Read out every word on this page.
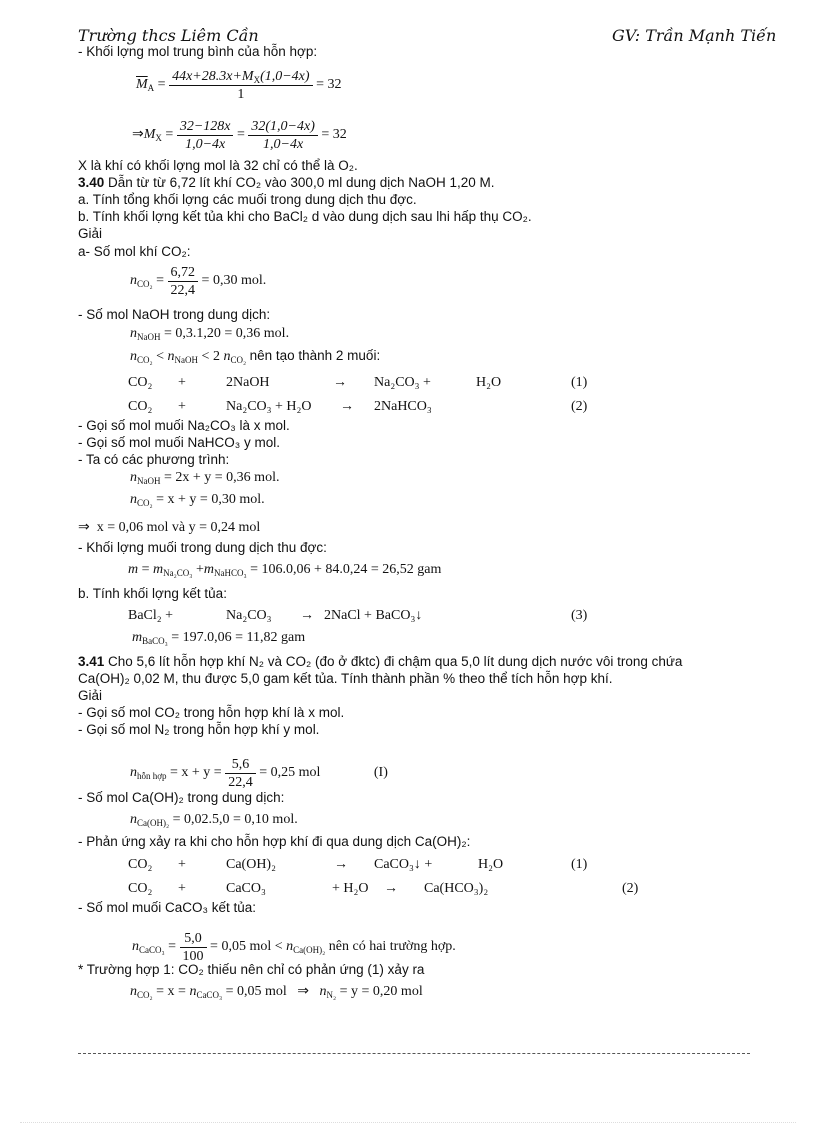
Trường thcs Liêm Cần	GV: Trần Mạnh Tiến
- Khối lợng mol trung bình của hỗn hợp:
$\overline{M}_A = \frac{44x+28.3x+M_X(1,0-4x)}{1} = 32$
$\Rightarrow M_X = \frac{32-128x}{1,0-4x} = \frac{32(1,0-4x)}{1,0-4x} = 32$
X là khí có khối lợng mol là 32 chỉ có thể là O₂.
3.40 Dẫn từ từ 6,72 lít khí CO₂ vào 300,0 ml dung dịch NaOH 1,20 M.
a. Tính tổng khối lợng các muối trong dung dịch thu đợc.
b. Tính khối lợng kết tủa khi cho BaCl₂ d vào dung dịch sau lhi hấp thụ CO₂.
Giải
a- Số mol khí CO₂:
$n_{CO_2} = \frac{6,72}{22,4} = 0,30$ mol.
- Số mol NaOH trong dung dịch:
$n_{NaOH} = 0,3.1,20 = 0,36$ mol.
$n_{CO_2} < n_{NaOH} < 2$ $n_{CO_2}$ nên tạo thành 2 muối:
CO₂ +	2NaOH	→ Na₂CO₃ +	H₂O	(1)
CO₂ +	Na₂CO₃ + H₂O → 2NaHCO₃	(2)
- Gọi số mol muối Na₂CO₃ là x mol.
- Gọi số mol muối NaHCO₃ y mol.
- Ta có các phương trình:
$n_{NaOH} = 2x + y = 0,36$ mol.
$n_{CO_2} = x + y = 0,30$ mol.
⇒  x = 0,06 mol và y = 0,24 mol
- Khối lợng muối trong dung dịch thu đợc:
$m = m_{Na_2CO_3} +m_{NaHCO_3} = 106.0,06 + 84.0,24 = 26,52$ gam
b. Tính khối lợng kết tủa:
BaCl₂ +	Na₂CO₃ → 2NaCl + BaCO₃↓	(3)
$m_{BaCO_3} = 197.0,06 = 11,82$ gam
3.41 Cho 5,6 lít hỗn hợp khí N₂ và CO₂ (đo ở đktc) đi chậm qua 5,0 lít dung dịch nước vôi trong chứa
Ca(OH)₂ 0,02 M, thu được 5,0 gam kết tủa. Tính thành phần % theo thể tích hỗn hợp khí.
Giải
- Gọi số mol CO₂ trong hỗn hợp khí là x mol.
- Gọi số mol N₂ trong hỗn hợp khí y mol.
$n_{hỗn hợp} = x + y = \frac{5,6}{22,4} = 0,25$ mol	(I)
- Số mol Ca(OH)₂ trong dung dịch:
$n_{Ca(OH)_2} = 0,02.5,0 = 0,10$ mol.
- Phản ứng xảy ra khi cho hỗn hợp khí đi qua dung dịch Ca(OH)₂:
CO₂ +	Ca(OH)₂	→ CaCO₃↓ +	H₂O	(1)
CO₂ +	CaCO₃	+ H₂O → Ca(HCO₃)₂	(2)
- Số mol muối CaCO₃ kết tủa:
$n_{CaCO_3} = \frac{5,0}{100} = 0,05$ mol < $n_{Ca(OH)_2}$ nên có hai trường hợp.
* Trường hợp 1: CO₂ thiếu nên chỉ có phản ứng (1) xảy ra
$n_{CO_2} = x = n_{CaCO_3} = 0,05$ mol   ⇒   $n_{N_2} = y = 0,20$ mol
